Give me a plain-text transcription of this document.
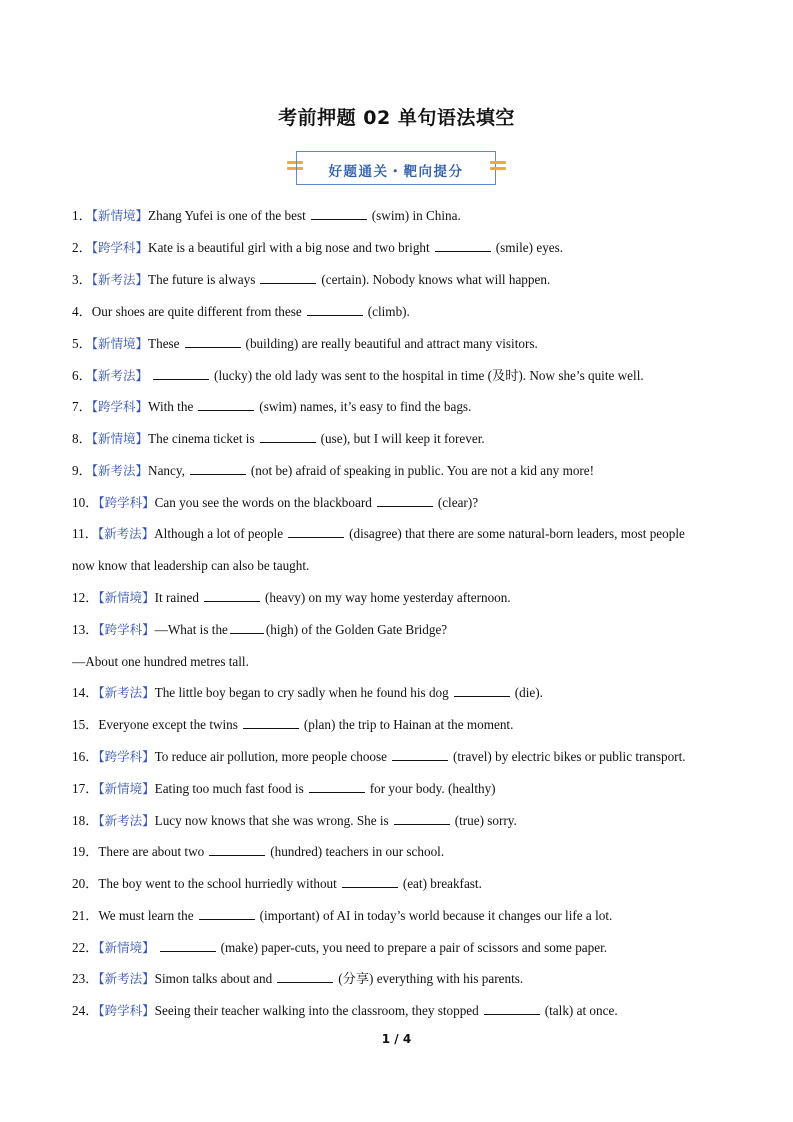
考前押题 02 单句语法填空
好题通关・靶向提分
1．【新情境】Zhang Yufei is one of the best	(swim) in China.
2．【跨学科】Kate is a beautiful girl with a big nose and two bright	(smile) eyes.
3．【新考法】The future is always	(certain). Nobody knows what will happen.
4．Our shoes are quite different from these	(climb).
5．【新情境】These	(building) are really beautiful and attract many visitors.
6．【新考法】	(lucky) the old lady was sent to the hospital in time (及时). Now she’s quite well.
7．【跨学科】With the	(swim) names, it’s easy to find the bags.
8．【新情境】The cinema ticket is	(use), but I will keep it forever.
9．【新考法】Nancy,	(not be) afraid of speaking in public. You are not a kid any more!
10．【跨学科】Can you see the words on the blackboard	(clear)?
11．【新考法】Although a lot of people	(disagree) that there are some natural-born leaders, most people
now know that leadership can also be taught.
12．【新情境】It rained	(heavy) on my way home yesterday afternoon.
13．【跨学科】—What is the	(high) of the Golden Gate Bridge?
—About one hundred metres tall.
14．【新考法】The little boy began to cry sadly when he found his dog	(die).
15．Everyone except the twins	(plan) the trip to Hainan at the moment.
16．【跨学科】To reduce air pollution, more people choose	(travel) by electric bikes or public transport.
17．【新情境】Eating too much fast food is	for your body. (healthy)
18．【新考法】Lucy now knows that she was wrong. She is	(true) sorry.
19．There are about two	(hundred) teachers in our school.
20．The boy went to the school hurriedly without	(eat) breakfast.
21．We must learn the	(important) of AI in today’s world because it changes our life a lot.
22．【新情境】	(make) paper-cuts, you need to prepare a pair of scissors and some paper.
23．【新考法】Simon talks about and	(分享) everything with his parents.
24．【跨学科】Seeing their teacher walking into the classroom, they stopped	(talk) at once.
1 / 4
